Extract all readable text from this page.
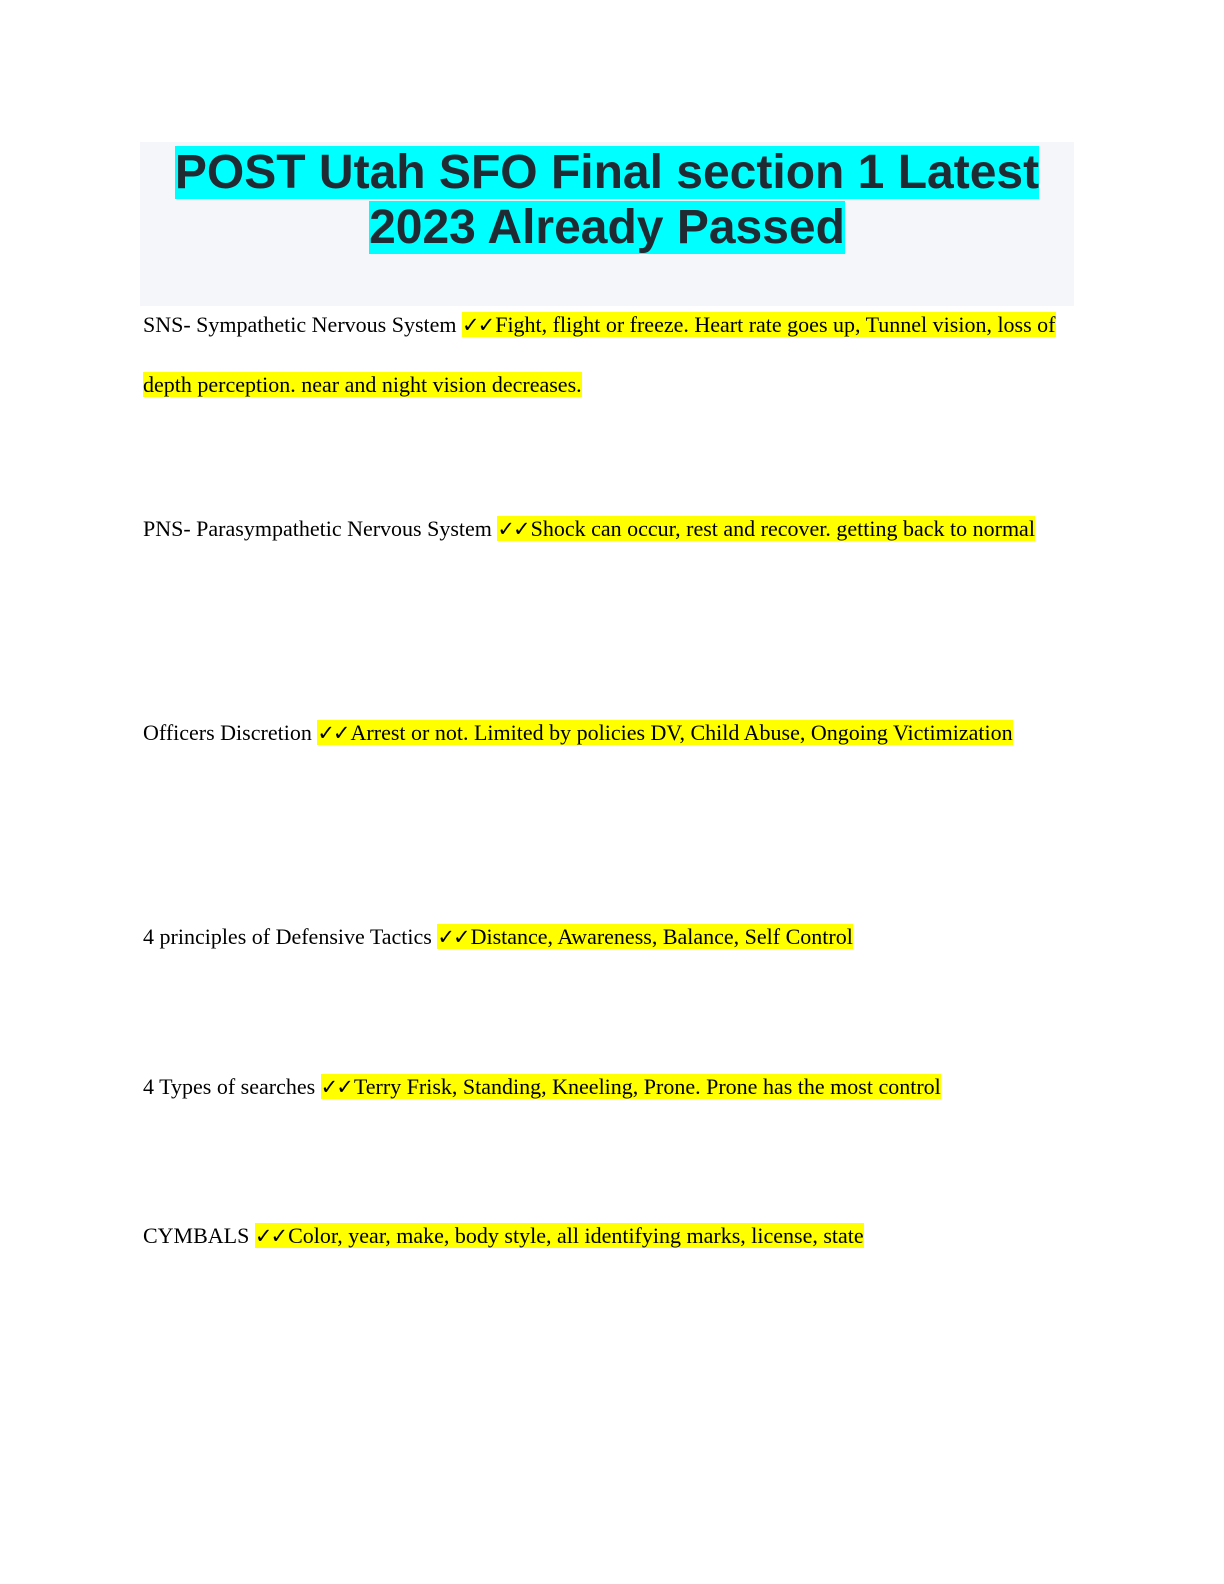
POST Utah SFO Final section 1 Latest 2023 Already Passed

SNS- Sympathetic Nervous System ✓✓Fight, flight or freeze. Heart rate goes up, Tunnel vision, loss of depth perception. near and night vision decreases.

PNS- Parasympathetic Nervous System ✓✓Shock can occur, rest and recover. getting back to normal

Officers Discretion ✓✓Arrest or not. Limited by policies DV, Child Abuse, Ongoing Victimization

4 principles of Defensive Tactics ✓✓Distance, Awareness, Balance, Self Control

4 Types of searches ✓✓Terry Frisk, Standing, Kneeling, Prone. Prone has the most control

CYMBALS ✓✓Color, year, make, body style, all identifying marks, license, state
